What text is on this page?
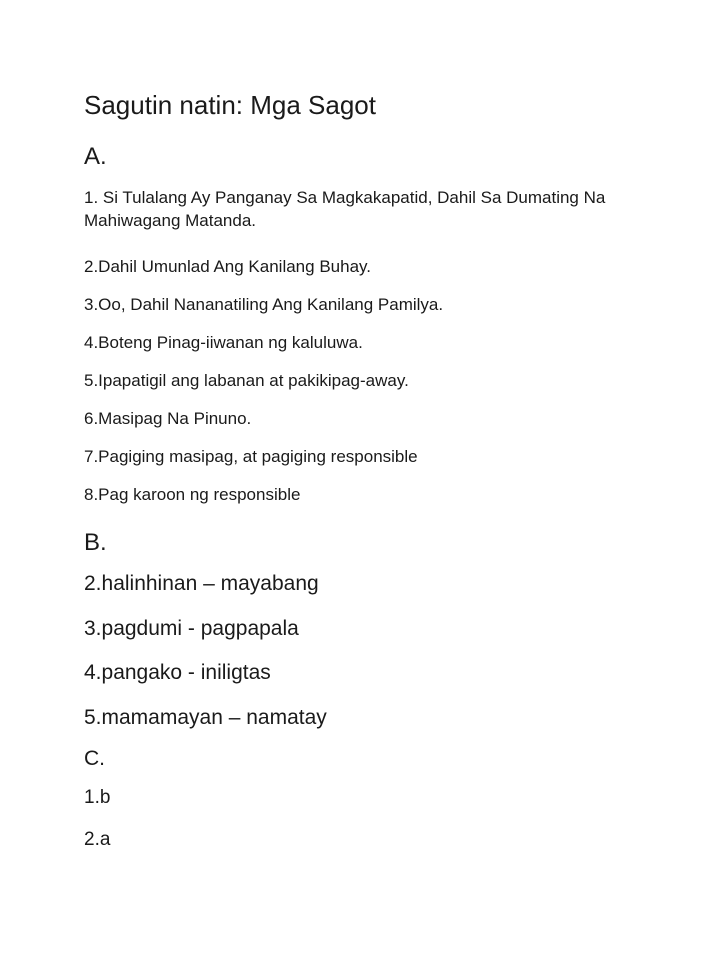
Sagutin natin: Mga Sagot
A.
1. Si Tulalang Ay Panganay Sa Magkakapatid, Dahil Sa Dumating Na Mahiwagang Matanda.
2.Dahil Umunlad Ang Kanilang Buhay.
3.Oo, Dahil Nananatiling Ang Kanilang Pamilya.
4.Boteng Pinag-iiwanan ng kaluluwa.
5.Ipapatigil ang labanan at pakikipag-away.
6.Masipag Na Pinuno.
7.Pagiging masipag, at pagiging responsible
8.Pag karoon ng responsible
B.
2.halinhinan – mayabang
3.pagdumi - pagpapala
4.pangako - iniligtas
5.mamamayan – namatay
C.
1.b
2.a
